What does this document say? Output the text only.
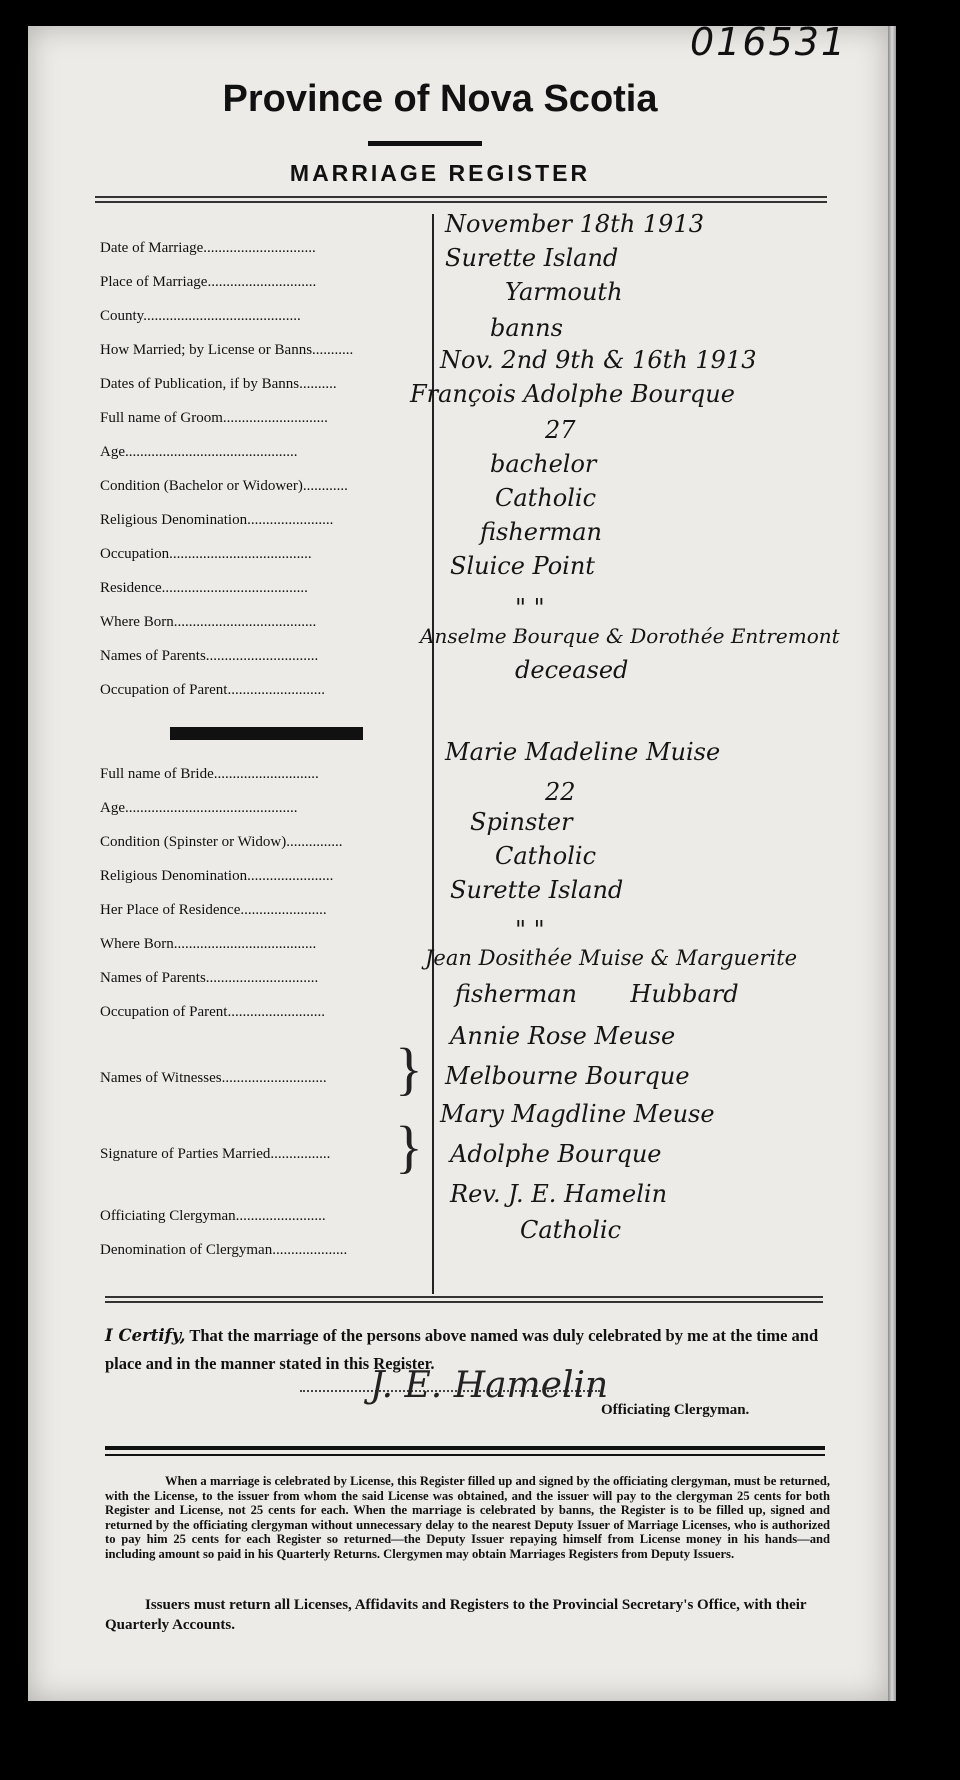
016531
Province of Nova Scotia
MARRIAGE REGISTER
Date of Marriage..............................
November 18th 1913
Place of Marriage.............................
Surette Island
County..........................................
Yarmouth
How Married; by License or Banns...........
banns
Dates of Publication, if by Banns..........
Nov. 2nd 9th & 16th 1913
Full name of Groom............................
François Adolphe Bourque
Age..............................................
27
Condition (Bachelor or Widower)............
bachelor
Religious Denomination.......................
Catholic
Occupation......................................
fisherman
Residence.......................................
Sluice Point
Where Born......................................	" "
Names of Parents..............................
Anselme Bourque & Dorothée Entremont
Occupation of Parent..........................
deceased
Full name of Bride............................
Marie Madeline Muise
Age..............................................
22
Condition (Spinster or Widow)...............
Spinster
Religious Denomination.......................
Catholic
Her Place of Residence.......................
Surette Island
Where Born......................................	" "
Names of Parents..............................
Jean Dosithée Muise & Marguerite
Occupation of Parent..........................
fisherman       Hubbard
Names of Witnesses............................ } Annie Rose Meuse
Melbourne Bourque
Signature of Parties Married................ } Mary Magdline Meuse
Adolphe Bourque
Officiating Clergyman........................
Rev. J. E. Hamelin
Denomination of Clergyman....................
Catholic
I Certify, That the marriage of the persons above named was duly celebrated by me at the time and place and in the manner stated in this Register.
J. E. Hamelin
Officiating Clergyman.
When a marriage is celebrated by License, this Register filled up and signed by the officiating clergyman, must be returned, with the License, to the issuer from whom the said License was obtained, and the issuer will pay to the clergyman 25 cents for both Register and License, not 25 cents for each. When the marriage is celebrated by banns, the Register is to be filled up, signed and returned by the officiating clergyman without unnecessary delay to the nearest Deputy Issuer of Marriage Licenses, who is authorized to pay him 25 cents for each Register so returned—the Deputy Issuer repaying himself from License money in his hands—and including amount so paid in his Quarterly Returns. Clergymen may obtain Marriages Registers from Deputy Issuers.
Issuers must return all Licenses, Affidavits and Registers to the Provincial Secretary's Office, with their Quarterly Accounts.
